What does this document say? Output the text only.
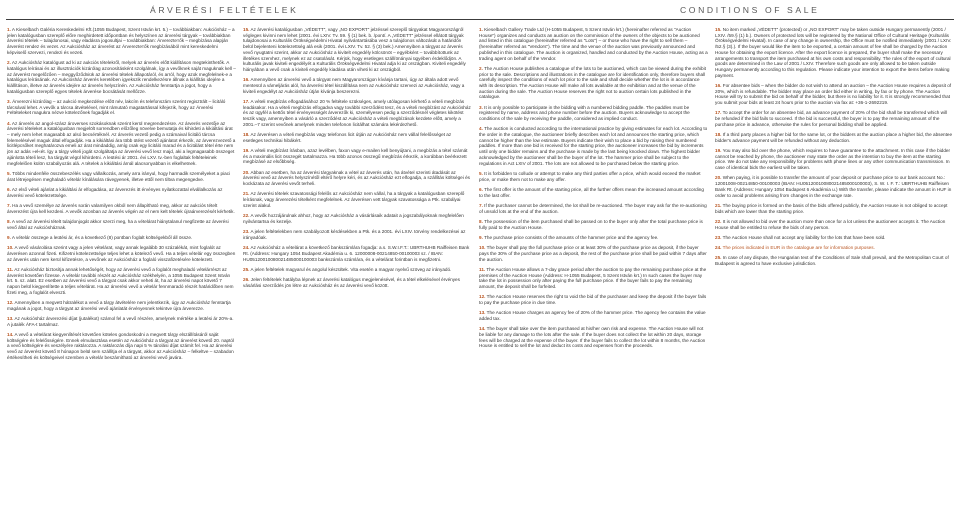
ÁRVERÉSI FELTÉTELEK	CONDITIONS OF SALE
1. A Kieselbach Galéria Kereskedelmi Kft.(1055 Budapest, Szent István krt. 5.) – továbbiakban: Aukciósház – a jelen katalógusban szereplő előre meghirdetett időpontban és helyszínen az árverési tárgyak – továbbiakban árverési tételek – tulajdonosai, vagy eladásra jogosultjai – továbbiakban: Árverezteтők – megbízása alapján árverést rendez és vezet. Az Aukciósház az árverést az Árverezteтők megbízásából mint kereskedelmi képviselő szervezi, rendezi és vezeti.
2. Az Aukciósház katalógust ad ki az aukciós tételekről, melyek az árverés előtt kiállításon megtekinthetők. A katalógus leírásai és az illusztrációk kizárólag azonosításként szolgálnak, így a vevőknek saját maguknak kell – az árverést megelőzően – meggyőződniük az árverési tételek állapotáról, és arról, hogy azok megfelelnek-e a katalógus leírásának. Az Aukciósház árverés keretében igyekszik rendelkezésre állnak a kiállítás idejére a kiállításon, illetve az árverés idejére az árverés helyszínén. Az Aukciósház fenntartja a jogot, hogy a katalógusban szereplő egyes tételek árverése bocsátását mellőzze.
3. Árverezni kizárólag – az aukció megkezdése előtt név, lakcím és telefonszám szerint regisztrált – licitáló tárcsával lehet. A vevők a tárcsa átvételével, mint rámutató magatartással kifejezik, hogy az Árverési Feltételeket magukra nézve kötelezőnek fogadják el.
4. Az árverés az angol-szász ároverses szokásoknak szerint kerül megrendezésre. Az árverés vezetője az árverési tételeket a katalógusban megjelölt sorrendben előzőleg növelve bemutatja és kihirdeti a kikiáltási árat – mely nem lehet magasabb az alsó becsértéknél. Az árverés vezető pedig a számaival licitáló tárcsa felemelésével maguk által elfogadják. Ha a kikiáltási ára több ütést vezető ajánlatot érkezik, az árverezvezető a licitlépcsőket meghatározva emeli az árat mindaddig, amíg csak egy licitáló marad és a licitálást tétel érte nem jön az adás »el«ét. Így a tárgy vételi jogát szolgáltatja az árverési vevő lesz majd, aki a legmagasabb összeget ajánlotta tételi lesz, ha tárgyát végül kihirdetni. A leütési ár 2001. évi LXV. tv.-ben foglaltak feltételeinek megfelelően külön szabályozás alá. A tételek a kikiáltási árnál alacsonyabban is elkelhetnek.
5. Többs mindenféle összebeszélés vagy vállalkozás, amely arra irányul, hogy harmadik személyeket a piaci árat létrejegésen meghaladó vételár kínálására rávegyenek, illetve ettől nem tiltva megengedve.
6. Az első vételi ajánlat a kikiáltási ár elfogadása, az árverezés itt érvényes nyilatkozattal elvállalkozás az árverési vevő kötelezettsége.
7. Ha a vevő személye az árverés során valamilyen okból nem állapítható meg, akkor az aukciós tételt árverezést újra kell kezdeni. A vevők azonban az árverés végén az el nem kelt tételek újraárverezését kérhetik.
8. A vevő az árverési tételt tulajdonjogát akkor szerzi meg, ha a vételárat hiánytalanul megfizette az árverési vevő által az Aukciósháznak.
9. A vételár összege a leütési ár, és a következő (8) pontban foglalt költségekből áll össze.
10. A vevő vásárolása szerint vagy a jelen vételárat, vagy annak legalább 30 százalékát, mint foglalót az árverésen azonnal fizeti. Kifizetni kötelezettsége teljes lehet a kötelező vevő. Ha a teljes vételár egy összegben az árverés után nem kerül kifizetésre, a vevőnek az Aukciósház a foglaló visszafizetésére kötelezett.
11. Az Aukciósház biztosítja annak lehetőségét, hogy az árverési vevő a foglalót meghaladó vételárrészt az árverést követően fizesse. A vételár további részét az Aukciósház székhelyén, a 1055 Budapest Szent István krt. 5. sz. alatt. Ez esetben az árverési vevő a tárgyat csak akkor veheti át, ha az árverési napot követő 7 napon belül kiegyenlítette a teljes vételárat. Ha az árverési vevő a vételár fennmaradó részét határidőben nem fizeti meg, a foglalót elveszti.
12. Amennyiben a megvett hátralékot a vevő a tárgy átvételére nem jelentkezik, úgy az Aukciósház fenntartja magának a jogot, hogy a tárgyat az árverési vevő ajánlatát érvényesnek tekintve újra árverezze.
13. Az Aukciósház árverezési díjat (jutalékot) számol fel a vevő részére, amelynek mértéke a leütési ár 20%-a. A jutalék ÁFA-t tartalmaz.
14. A vevő a vételárat kiegyenlítését követően köteles gondoskodni a megvett tárgy elszállításáról saját költségére és felelősségére. Ennek elmulasztása esetén az Aukciósház a tárgyat az árverést követő 20. naptól a vevő költségére és veszélyére raktározza. A raktározás díja napi 5 % tárolási díjat számít fel. Ha az árverési vevő az árverést követő 8 hónapon belül sem szállítja el a tárgyat, akkor az Aukciósház – felkeltve – szabadon értékesítheti és költségeivel szemben a vételár beszámítható az árverési vevő javára.
15. Az árverési katalógusban „VÉDETT”, vagy „NO EXPORT” jelzéssel szereplő tárgyakat Magyarországról végleges kivinni nem lehet (2001. évi LXIV. Tv. 59. § (1) bek. b. /pont/. A „VÉDETT” jelzéssel ellátott tárgyak tulajdonosai a Kulturális Örökségvédelmi Hivatal nyilvántartásába vesz a tulajdonos változását a határidőn belül bejelenteni kötelezettség alá esik (2001. évi LXIV. Tv. 52. § (3) bek.) Amennyiben a tárgyat az árverés vevő nyugtatni szerint, akkor az Aukciósház a kivitelt engedély kölcsönöt – egyébként – továbbítottunk az illetékes szervhez, melynek ez az csatolását. Kérjük, hogy esetleges szállítmányai ügyében érdeklődjön. A kulturális javak kiviteli engedélyét a Kulturális Örökségvédelmi Hivatal adja ki az országban. Kiviteli engedély hiányában a vevő csak a kiviteli engedély kiadása után viheti ki az országból.
16. Amennyiben az árverési vevő a tárgyat nem Magyarországon kívánja tartani, úgy az általa adott vevő mentesül a vámeljárás alól, ha árverési tétel kiszállítása nem az Aukciósház szervezi az Aukciósház, vagy a kiviteli engedélyt az Aukciósház útján kívánja beszerezni.
17. A vételi megbízás elfogadásához 20 % feltétele szükséges, amely utólagosan kérhető a vételi megbízás leadásakor. Ha a vételi megbízás elfogadva vagy további szerződést tesz, és a vételi megbízást az Aukciósház és az ügyfél a kettős tétel érvényességét árverezők ki, személyesen pedig a szerződésnél végletes kikötést teszik vagy, amennyiben a vásárló a szerződést az Aukciósház a vételi megbízások kezdete előtt, amely a 2001.–7 szerint vevőnek amelynek minden telefonon licitálhat számára lekérdezhető.
18. Az árverésen a vételi megbízás vagy telefonos licit útján az Aukciósház nem vállal felelősséget az esetleges technikai hibákért.
19. A vételi megbízást írásban, azaz levélben, faxon vagy e-mailen kell benyújtani, a megbízás a tétel számát és a maximális licit összegét tartalmazza. Ha több azonos összegű megbízás érkezik, a korábban beérkezett megbízásé az elsőbbség.
20. Abban az esetben, ha az árverési tárgyaknak a vétel az árverés után, ha átvétel szerinti átadását az árverési vevő az árverés helyszínétől eltérő helyre kéri, és az Aukciósház ezt elfogadja, a szállítás költségei és kockázata az árverési vevőt terheli.
21. Az árverési tételek szavatossági felelős az Aukciósház nem vállal, ha a tárgyak a katalógusban szereplő leírásnak, vagy árverezési tételként megfelelnek. Az árverésen vett tárgyak szavatossága a Ptk. szabályai szerint alakul.
22. A vevők hozzájárulnak ahhoz, hogy az Aukciósház a vásárlásaik adatait a jogszabályoknak megfelelően nyilvántartsa és kezelje.
23. A jelen feltételekben nem szabályozott kérdésekben a Ptk. és a 2001. évi LXIV. törvény rendelkezései az irányadóak.
24. Az Aukciósház a vételárat a következő bankszámlára fogadja: a.s. S.W.I.F.T.: UBRTHUHB Raiffeisen Bank Rt. (Address: Hungary 1054 Budapest Akadémia u. 6. 12000008-00214850-00100003 sz. / IBAN: HU05120010080021485000100003 bankszámla számlára, és a vételárat forintban is megfizetni.
25. A jelen feltételek magyarul és angolul készültek. Vita esetén a magyar nyelvű szöveg az irányadó.
26. Jelen feltételek hatályba lépnek az árverési katalógus megjelenésével, és a tétel elkelésével érvényes vásárlási szerződés jön létre az Aukciósház és az árverési vevő között.
1. Kieselbach Gallery Trade Ltd (H-1055 Budapest, 5 Szent István krt.) (hereinafter referred as "Auction House") organizes and conducts an auction on the commission of the owners of the objects to be auctioned and listed in this catalogue (hereinafter referred as "Lots") – or those who have the right to sell them – (hereinafter referred as "Vendors"). The time and the venue of the auction was previously announced and published in this catalogue. The auction is organized, handled and conducted by the Auction House, acting as a trading agent on behalf of the Vendor.
2. The Auction House publishes a catalogue of the lots to be auctioned, which can be viewed during the exhibit prior to the sale. Descriptions and illustrations in the catalogue are for identification only, therefore buyers shall carefully inspect the conditions of each lot prior to the sale and shall decide whether the lot is in accordance with its description. The Auction House will make all lots available at the exhibition and at the venue of the auction during the sale. The Auction House reserves the right not to auction certain lots published in the catalogue.
3. It is only possible to participate in the bidding with a numbered bidding paddle. The paddles must be registered by name, address and phone number before the auction. Buyers acknowledge to accept the conditions of the sale by receiving the paddle, considered as implied conduct.
4. The auction is conducted according to the international practice by giving estimates for each lot. According to the order in the catalogue, the auctioneer briefly describes each lot and announces the starting price, which cannot be higher than the low estimate. Buyers indicate their wish to place a bid by raising their numbered paddles. If more than one bid is received for the starting price, the auctioneer increases the bid by increments until only one bidder remains and the purchase is made by the last being knocked down. The highest bidder acknowledged by the auctioneer shall be the buyer of the lot. The hammer price shall be subject to the regulations in Act LXIV of 2001. The lots are not allowed to be purchased below the starting price.
5. It is forbidden to collude or attempt to make any third parties offer a price, which would exceed the market price, or make them not to make any offer.
6. The first offer is the amount of the starting price, all the further offers mean the increased amount according to the last offer.
7. If the purchaser cannot be determined, the lot shall be re-auctioned. The buyer may ask for the re-auctioning of unsold lots at the end of the auction.
8. The possession of the item purchased shall be passed on to the buyer only after the total purchase price is fully paid to the Auction House.
9. The purchase price consists of the amounts of the hammer price and the agency fee.
10. The buyer shall pay the full purchase price or at least 30% of the purchase price as deposit, if the buyer pays the 30% of the purchase price as a deposit, the rest of the purchase price shall be paid within 7 days after the auction.
11. The Auction House allows a 7-day grace period after the auction to pay the remaining purchase price at the premises of the Auction House (Address: H-1055 Budapest, 5 Szent István krt.) In such cases the buyer may take the lot in possession only after paying the full purchase price. If the buyer fails to pay the remaining amount, the deposit shall be forfeited.
12. The Auction House reserves the right to void the bid of the purchaser and keep the deposit if the buyer fails to pay the purchase price in due time.
13. The Auction House charges an agency fee of 20% of the hammer price. The agency fee contains the value added tax.
14. The buyer shall take over the item purchased at his/her own risk and expense. The Auction House will not be liable for any damage to the lots after the sale. If the buyer does not collect the lot within 20 days, storage fees will be charged at the expense of the buyer. If the buyer fails to collect the lot within 8 months, the Auction House is entitled to sell the lot and deduct its costs and expenses from the proceeds.
15. No item marked „VÉDETT” (protected) or „NO EXPORT” may be taken outside Hungary permanently (2001 / LXIV. /59.§ (1) b.). Owners of protected lots will be registered by the National Office of Cultural Heritage (Kulturális Örökségvédelmi Hivatal). In case of any change in ownership, the Office must be notified immediately (2001 / LXIV. /52.§ (3).). If the buyer would like the item to be exported, a certain amount of fee shall be charged by the Auction House for obtaining the export licence. After the export licence is prepared, the buyer shall make the necessary arrangements to transport the item purchased at his own costs and responsibility. The rules of the export of cultural goods are determined in the Law of 2001 / LXIV. Therefore such goods are only allowed to be taken outside Hungary permanently according to this regulation. Please indicate your intention to export the items before making payment.
16. For absentee bids – when the bidder do not wish to attend an auction – the Auction House requires a deposit of 20%, which is refundable. The bidder may place an order bid either in writing, by fax or by phone. The Auction House will try to submit the bid on behalf of the bidder, but there is no liability for it. It is strongly recommended that you submit your bids at least 24 hours prior to the auction via fax at: +36-1-2692219.
17. To accept the order for an absentee bid, an advance payment of 20% of the bid shall be transferred which will be refunded if the bid fails to succeed. If the bid is successful, the buyer is to pay the remaining amount of the purchase price in advance, otherwise the rules for personal bidding shall be applied.
18. If a third party places a higher bid for the same lot, or the bidders at the auction place a higher bid, the absentee bidder's advance payment will be refunded without any deduction.
19. You may also bid over the phone, which requires to have guarantee to the attachment. In this case if the bidder cannot be reached by phone, the auctioneer may state the order as the intention to buy the item at the starting price. We do not take any responsibility for problems with phone lines or any other communication transmission. In case of identical bids the earliest will be taken.
20. When paying, it is possible to transfer the amount of your deposit or purchase price to our bank account No.: 12001008-00214850-00100003 (IBAN: HU05120010080021485000100003), S. W. I. F. T.: UBRTHUHB Raiffeisen Bank Rt. (Address: Hungary 1054 Budapest 6 Akadémia u.) With the transfer, please indicate the amount in HUF in order to avoid problems arising from changes in the exchange rate.
21. The buying price is formed on the basis of the bids offered publicly, the Auction House is not obliged to accept bids which are lower than the starting price.
22. It is not allowed to bid over the auction more than once for a lot unless the auctioneer accepts it. The Auction House shall be entitled to refuse the bids of any person.
23. The Auction House shall not accept any liability for the lots that have been sold.
24. The prices indicated in EUR in the catalogue are for information purposes.
25. In case of any dispute, the Hungarian text of the Conditions of Sale shall prevail, and the Metropolitan Court of Budapest is agreed to have exclusive jurisdiction.
